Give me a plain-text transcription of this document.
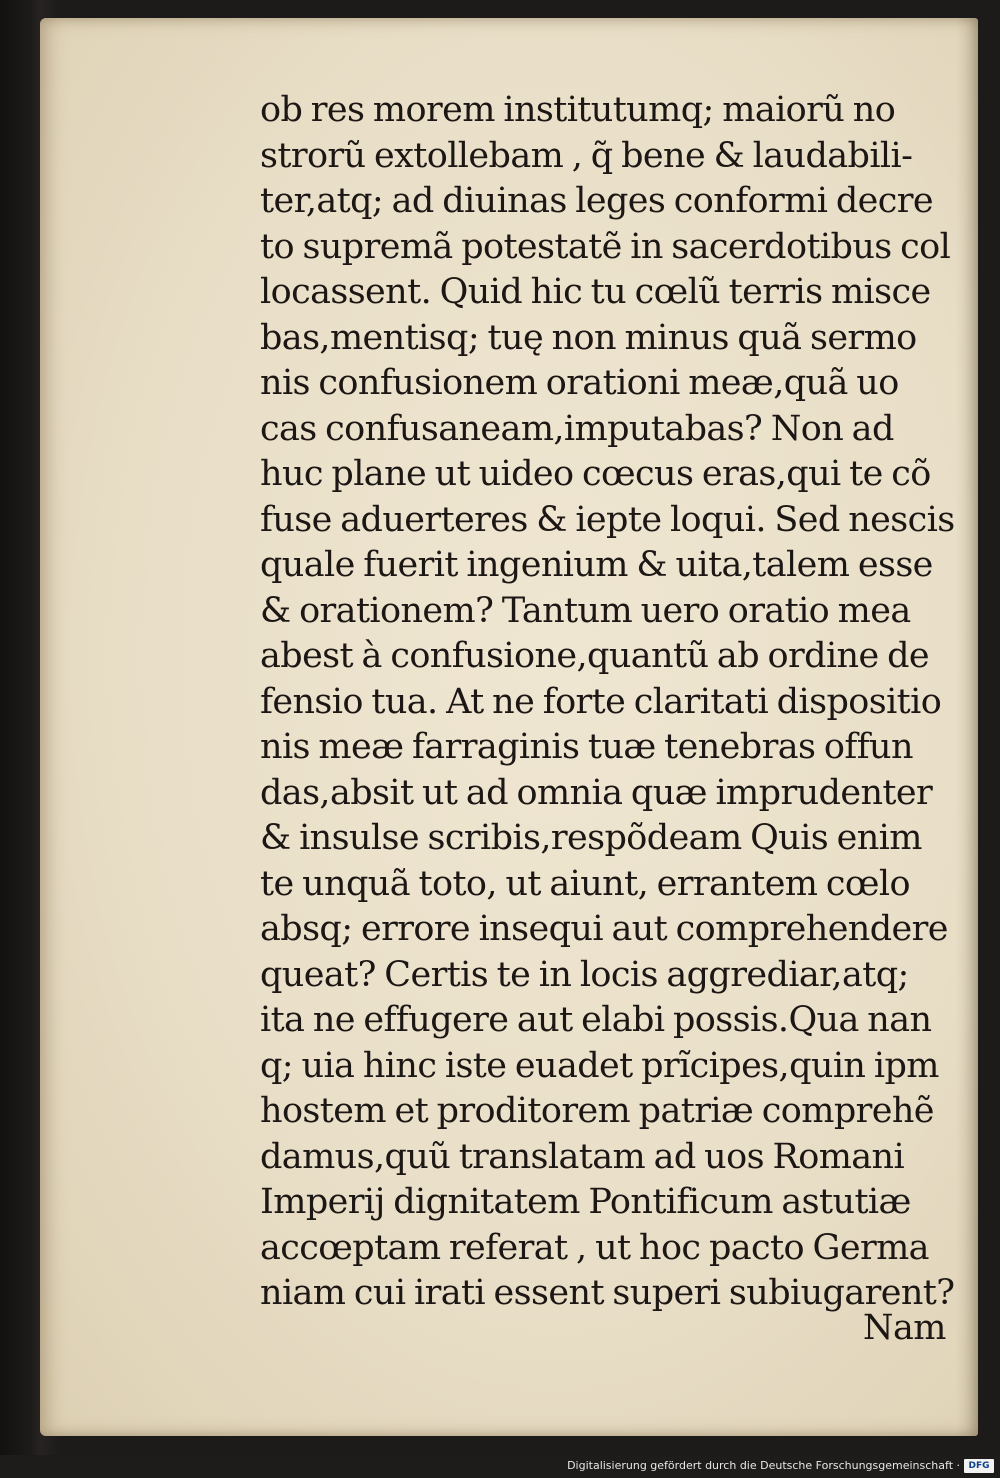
ob res morem institutumq; maiorũ no
strorũ extollebam , q̃ bene & laudabili-
ter,atq; ad diuinas leges conformi decre
to supremã potestatẽ in sacerdotibus col
locassent. Quid hic tu cœlũ terris misce
bas,mentisq; tuę non minus quã sermo
nis confusionem orationi meæ,quã uo
cas confusaneam,imputabas? Non ad
huc plane ut uideo cœcus eras,qui te cõ
fuse aduerteres & iepte loqui. Sed nescis
quale fuerit ingenium & uita,talem esse
& orationem? Tantum uero oratio mea
abest à confusione,quantũ ab ordine de
fensio tua. At ne forte claritati dispositio
nis meæ farraginis tuæ tenebras offun
das,absit ut ad omnia quæ imprudenter
& insulse scribis,respõdeam Quis enim
te unquã toto, ut aiunt, errantem cœlo
absq; errore insequi aut comprehendere
queat? Certis te in locis aggrediar,atq;
ita ne effugere aut elabi possis.Qua nan
q; uia hinc iste euadet prĩcipes,quin ipm
hostem et proditorem patriæ comprehẽ
damus,quũ translatam ad uos Romani
Imperij dignitatem Pontificum astutiæ
accœptam referat , ut hoc pacto Germa
niam cui irati essent superi subiugarent?
Nam
Digitalisierung gefördert durch die Deutsche Forschungsgemeinschaft · DFG
